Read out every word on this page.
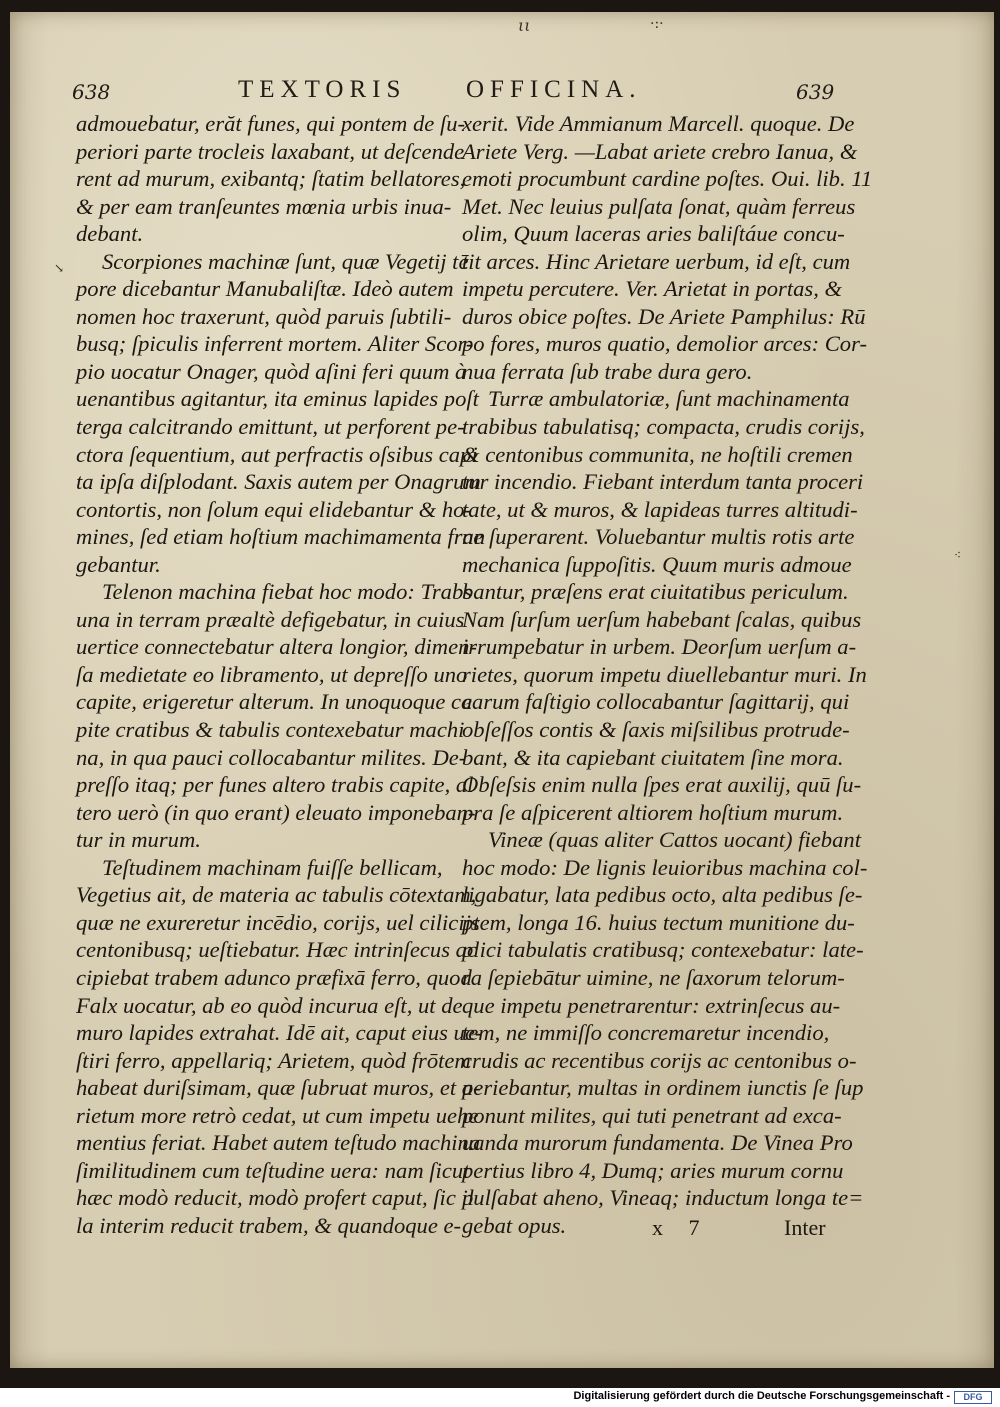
ιι	·:·
638	TEXTORIS OFFICINA.	639
admouebatur, erăt funes, qui pontem de ſu-
periori parte trocleis laxabant, ut deſcende
rent ad murum, exibantq; ſtatim bellatores,
& per eam tranſeuntes mœnia urbis inua-
debant.
Scorpiones machinæ ſunt, quæ Vegetij tē
pore dicebantur Manubaliſtæ. Ideò autem
nomen hoc traxerunt, quòd paruis ſubtili-
busq; ſpiculis inferrent mortem. Aliter Scor-
pio uocatur Onager, quòd aſini feri quum à
uenantibus agitantur, ita eminus lapides poſt
terga calcitrando emittunt, ut perforent pe-
ctora ſequentium, aut perfractis oſsibus capi
ta ipſa diſplodant. Saxis autem per Onagrum
contortis, non ſolum equi elidebantur & ho-
mines, ſed etiam hoſtium machimamenta fran
gebantur.
Telenon machina fiebat hoc modo: Trabs
una in terram præaltè defigebatur, in cuius
uertice connectebatur altera longior, dimen-
ſa medietate eo libramento, ut depreſſo uno
capite, erigeretur alterum. In unoquoque ca
pite cratibus & tabulis contexebatur machi
na, in qua pauci collocabantur milites. De-
preſſo itaq; per funes altero trabis capite, al
tero uerò (in quo erant) eleuato imponeban-
tur in murum.
Teſtudinem machinam fuiſſe bellicam,
Vegetius ait, de materia ac tabulis cōtextam,
quæ ne exureretur incēdio, corijs, uel cilicijs
centonibusq; ueſtiebatur. Hæc intrinſecus ac
cipiebat trabem adunco præfixā ferro, quod
Falx uocatur, ab eo quòd incurua eſt, ut de
muro lapides extrahat. Idē ait, caput eius ue-
ſtiri ferro, appellariq; Arietem, quòd frōtem
habeat duriſsimam, quæ ſubruat muros, et a-
rietum more retrò cedat, ut cum impetu uehe
mentius feriat. Habet autem teſtudo machina
ſimilitudinem cum teſtudine uera: nam ſicut
hæc modò reducit, modò profert caput, ſic il
la interim reducit trabem, & quandoque e-
xerit. Vide Ammianum Marcell. quoque. De
Ariete Verg. —Labat ariete crebro Ianua, &
emoti procumbunt cardine poſtes. Oui. lib. 11
Met. Nec leuius pulſata ſonat, quàm ferreus
olim, Quum laceras aries baliſtáue concu-
tit arces. Hinc Arietare uerbum, id eſt, cum
impetu percutere. Ver. Arietat in portas, &
duros obice poſtes. De Ariete Pamphilus: Rū
po fores, muros quatio, demolior arces: Cor-
nua ferrata ſub trabe dura gero.
Turræ ambulatoriæ, ſunt machinamenta
trabibus tabulatisq; compacta, crudis corijs,
& centonibus communita, ne hoſtili cremen
tur incendio. Fiebant interdum tanta proceri
tate, ut & muros, & lapideas turres altitudi-
ne ſuperarent. Voluebantur multis rotis arte
mechanica ſuppoſitis. Quum muris admoue
bantur, præſens erat ciuitatibus periculum.
Nam ſurſum uerſum habebant ſcalas, quibus
irrumpebatur in urbem. Deorſum uerſum a-
rietes, quorum impetu diuellebantur muri. In
earum faſtigio collocabantur ſagittarij, qui
obſeſſos contis & ſaxis miſsilibus protrude-
bant, & ita capiebant ciuitatem ſine mora.
Obſeſsis enim nulla ſpes erat auxilij, quū ſu-
pra ſe aſpicerent altiorem hoſtium murum.
Vineæ (quas aliter Cattos uocant) fiebant
hoc modo: De lignis leuioribus machina col-
ligabatur, lata pedibus octo, alta pedibus ſe-
ptem, longa 16. huius tectum munitione du-
plici tabulatis cratibusq; contexebatur: late-
ra ſepiebātur uimine, ne ſaxorum telorum-
que impetu penetrarentur: extrinſecus au-
tem, ne immiſſo concremaretur incendio,
crudis ac recentibus corijs ac centonibus o-
periebantur, multas in ordinem iunctis ſe ſup
ponunt milites, qui tuti penetrant ad exca-
uanda murorum fundamenta. De Vinea Pro
pertius libro 4, Dumq; aries murum cornu
pulſabat aheno, Vineaq; inductum longa te=
gebat opus.
↘
⁖
x 7	Inter
Digitalisierung gefördert durch die Deutsche Forschungsgemeinschaft -	DFG
